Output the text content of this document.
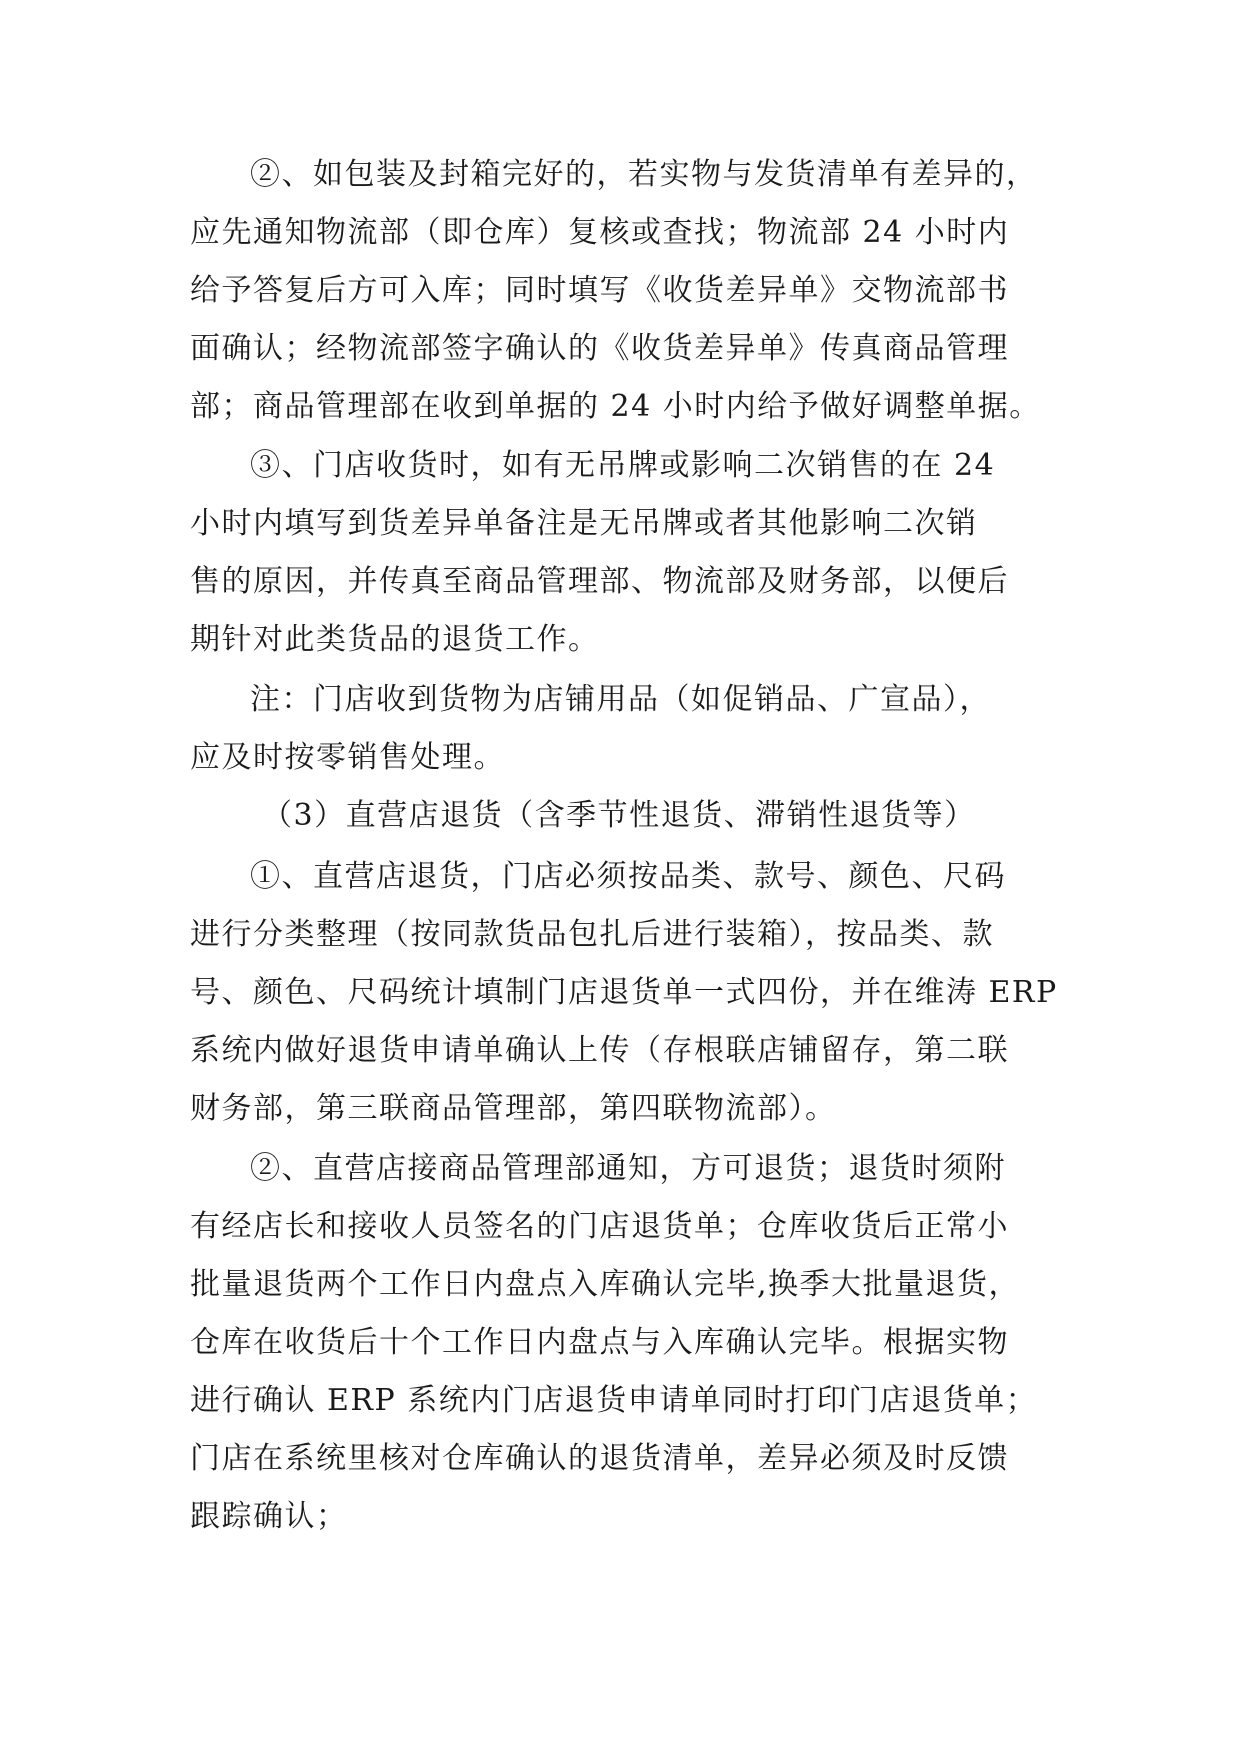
②、如包装及封箱完好的，若实物与发货清单有差异的，
应先通知物流部（即仓库）复核或查找；物流部 24 小时内
给予答复后方可入库；同时填写《收货差异单》交物流部书
面确认；经物流部签字确认的《收货差异单》传真商品管理
部；商品管理部在收到单据的 24 小时内给予做好调整单据。
③、门店收货时，如有无吊牌或影响二次销售的在 24
小时内填写到货差异单备注是无吊牌或者其他影响二次销
售的原因，并传真至商品管理部、物流部及财务部，以便后
期针对此类货品的退货工作。
注：门店收到货物为店铺用品（如促销品、广宣品），
应及时按零销售处理。
（3）直营店退货（含季节性退货、滞销性退货等）
①、直营店退货，门店必须按品类、款号、颜色、尺码
进行分类整理（按同款货品包扎后进行装箱），按品类、款
号、颜色、尺码统计填制门店退货单一式四份，并在维涛 ERP
系统内做好退货申请单确认上传（存根联店铺留存，第二联
财务部，第三联商品管理部，第四联物流部）。
②、直营店接商品管理部通知，方可退货；退货时须附
有经店长和接收人员签名的门店退货单；仓库收货后正常小
批量退货两个工作日内盘点入库确认完毕,换季大批量退货，
仓库在收货后十个工作日内盘点与入库确认完毕。根据实物
进行确认 ERP 系统内门店退货申请单同时打印门店退货单；
门店在系统里核对仓库确认的退货清单，差异必须及时反馈
跟踪确认；
